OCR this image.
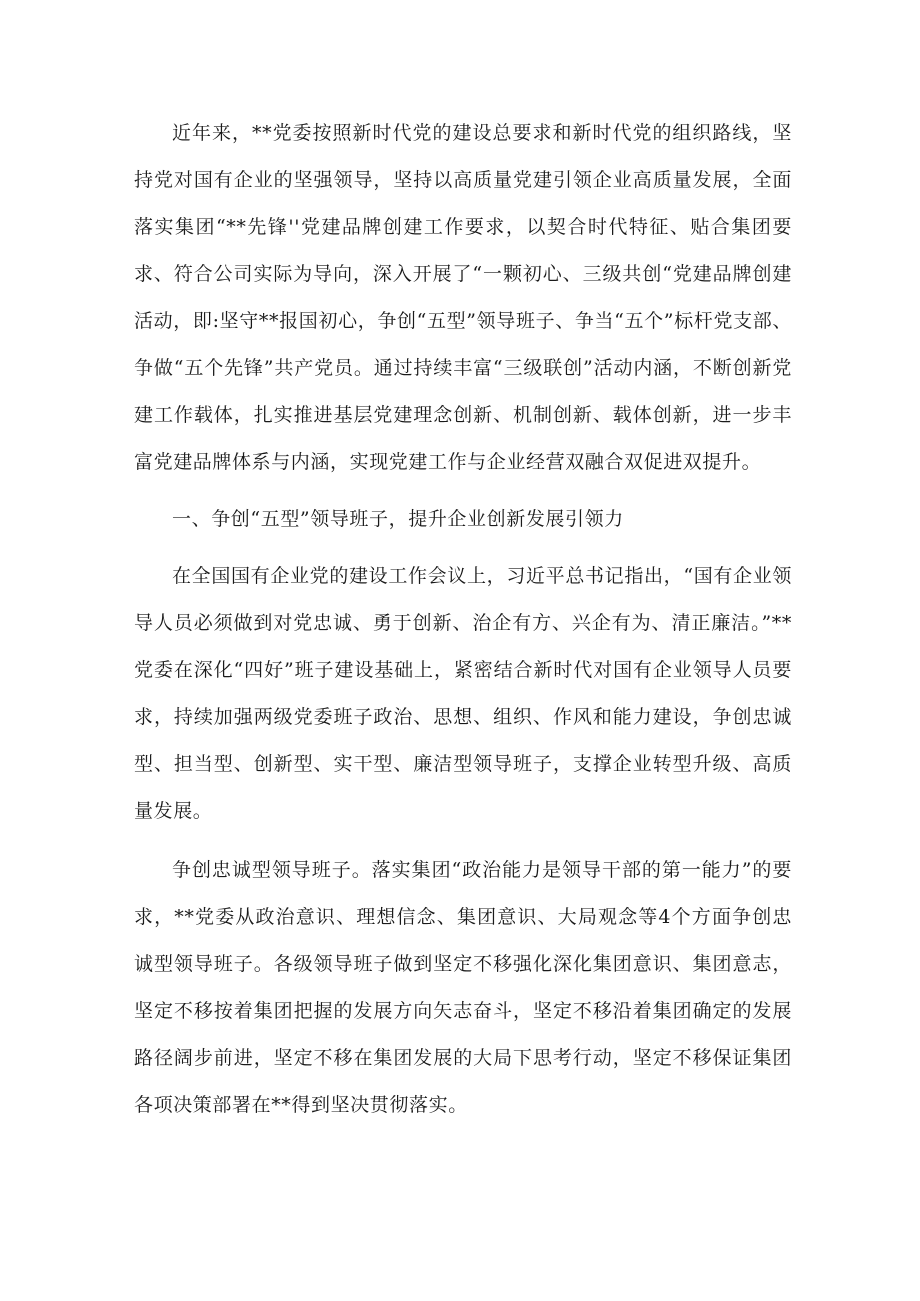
近年来，**党委按照新时代党的建设总要求和新时代党的组织路线，坚持党对国有企业的坚强领导，坚持以高质量党建引领企业高质量发展，全面落实集团“**先锋''党建品牌创建工作要求，以契合时代特征、贴合集团要求、符合公司实际为导向，深入开展了“一颗初心、三级共创“党建品牌创建活动，即:坚守**报国初心，争创“五型”领导班子、争当“五个”标杆党支部、争做“五个先锋”共产党员。通过持续丰富“三级联创”活动内涵，不断创新党建工作载体，扎实推进基层党建理念创新、机制创新、载体创新，进一步丰富党建品牌体系与内涵，实现党建工作与企业经营双融合双促进双提升。

一、争创“五型”领导班子，提升企业创新发展引领力

在全国国有企业党的建设工作会议上，习近平总书记指出，“国有企业领导人员必须做到对党忠诚、勇于创新、治企有方、兴企有为、清正廉洁。”**党委在深化“四好”班子建设基础上，紧密结合新时代对国有企业领导人员要求，持续加强两级党委班子政治、思想、组织、作风和能力建设，争创忠诚型、担当型、创新型、实干型、廉洁型领导班子，支撑企业转型升级、高质量发展。

争创忠诚型领导班子。落实集团“政治能力是领导干部的第一能力”的要求，**党委从政治意识、理想信念、集团意识、大局观念等4个方面争创忠诚型领导班子。各级领导班子做到坚定不移强化深化集团意识、集团意志，坚定不移按着集团把握的发展方向矢志奋斗，坚定不移沿着集团确定的发展路径阔步前进，坚定不移在集团发展的大局下思考行动，坚定不移保证集团各项决策部署在**得到坚决贯彻落实。
